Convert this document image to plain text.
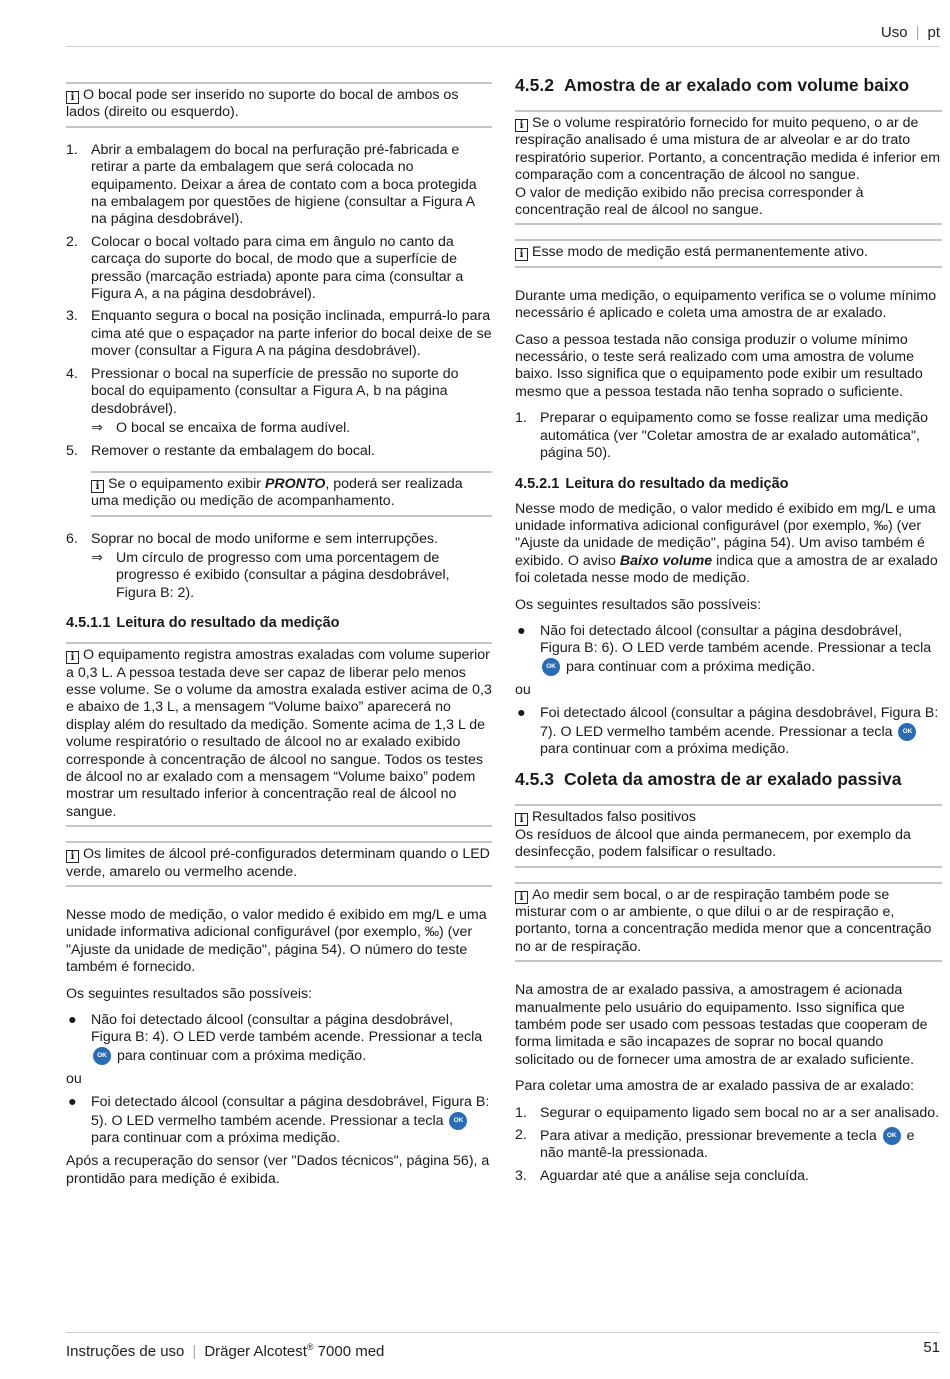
Uso | pt
i O bocal pode ser inserido no suporte do bocal de ambos os lados (direito ou esquerdo).
1. Abrir a embalagem do bocal na perfuração pré-fabricada e retirar a parte da embalagem que será colocada no equipamento. Deixar a área de contato com a boca protegida na embalagem por questões de higiene (consultar a Figura A na página desdobrável).
2. Colocar o bocal voltado para cima em ângulo no canto da carcaça do suporte do bocal, de modo que a superfície de pressão (marcação estriada) aponte para cima (consultar a Figura A, a na página desdobrável).
3. Enquanto segura o bocal na posição inclinada, empurrá-lo para cima até que o espaçador na parte inferior do bocal deixe de se mover (consultar a Figura A na página desdobrável).
4. Pressionar o bocal na superfície de pressão no suporte do bocal do equipamento (consultar a Figura A, b na página desdobrável).
⇒ O bocal se encaixa de forma audível.
5. Remover o restante da embalagem do bocal.
i Se o equipamento exibir PRONTO, poderá ser realizada uma medição ou medição de acompanhamento.
6. Soprar no bocal de modo uniforme e sem interrupções.
⇒ Um círculo de progresso com uma porcentagem de progresso é exibido (consultar a página desdobrável, Figura B: 2).
4.5.1.1 Leitura do resultado da medição
i O equipamento registra amostras exaladas com volume superior a 0,3 L. A pessoa testada deve ser capaz de liberar pelo menos esse volume. Se o volume da amostra exalada estiver acima de 0,3 e abaixo de 1,3 L, a mensagem “Volume baixo” aparecerá no display além do resultado da medição. Somente acima de 1,3 L de volume respiratório o resultado de álcool no ar exalado exibido corresponde à concentração de álcool no sangue. Todos os testes de álcool no ar exalado com a mensagem “Volume baixo” podem mostrar um resultado inferior à concentração real de álcool no sangue.
i Os limites de álcool pré-configurados determinam quando o LED verde, amarelo ou vermelho acende.

Nesse modo de medição, o valor medido é exibido em mg/L e uma unidade informativa adicional configurável (por exemplo, ‰) (ver "Ajuste da unidade de medição", página 54). O número do teste também é fornecido.

Os seguintes resultados são possíveis:

● Não foi detectado álcool (consultar a página desdobrável, Figura B: 4). O LED verde também acende. Pressionar a tecla OK para continuar com a próxima medição.
ou
● Foi detectado álcool (consultar a página desdobrável, Figura B: 5). O LED vermelho também acende. Pressionar a tecla OK para continuar com a próxima medição.

Após a recuperação do sensor (ver "Dados técnicos", página 56), a prontidão para medição é exibida.

4.5.2 Amostra de ar exalado com volume baixo
i Se o volume respiratório fornecido for muito pequeno, o ar de respiração analisado é uma mistura de ar alveolar e ar do trato respiratório superior. Portanto, a concentração medida é inferior em comparação com a concentração de álcool no sangue.
O valor de medição exibido não precisa corresponder à concentração real de álcool no sangue.
i Esse modo de medição está permanentemente ativo.

Durante uma medição, o equipamento verifica se o volume mínimo necessário é aplicado e coleta uma amostra de ar exalado.

Caso a pessoa testada não consiga produzir o volume mínimo necessário, o teste será realizado com uma amostra de volume baixo. Isso significa que o equipamento pode exibir um resultado mesmo que a pessoa testada não tenha soprado o suficiente.

1. Preparar o equipamento como se fosse realizar uma medição automática (ver "Coletar amostra de ar exalado automática", página 50).
4.5.2.1 Leitura do resultado da medição

Nesse modo de medição, o valor medido é exibido em mg/L e uma unidade informativa adicional configurável (por exemplo, ‰) (ver "Ajuste da unidade de medição", página 54). Um aviso também é exibido. O aviso Baixo volume indica que a amostra de ar exalado foi coletada nesse modo de medição.

Os seguintes resultados são possíveis:

● Não foi detectado álcool (consultar a página desdobrável, Figura B: 6). O LED verde também acende. Pressionar a tecla OK para continuar com a próxima medição.
ou
● Foi detectado álcool (consultar a página desdobrável, Figura B: 7). O LED vermelho também acende. Pressionar a tecla OK para continuar com a próxima medição.
4.5.3 Coleta da amostra de ar exalado passiva
i Resultados falso positivos
Os resíduos de álcool que ainda permanecem, por exemplo da desinfecção, podem falsificar o resultado.
i Ao medir sem bocal, o ar de respiração também pode se misturar com o ar ambiente, o que dilui o ar de respiração e, portanto, torna a concentração medida menor que a concentração no ar de respiração.

Na amostra de ar exalado passiva, a amostragem é acionada manualmente pelo usuário do equipamento. Isso significa que também pode ser usado com pessoas testadas que cooperam de forma limitada e são incapazes de soprar no bocal quando solicitado ou de fornecer uma amostra de ar exalado suficiente.

Para coletar uma amostra de ar exalado passiva de ar exalado:

1. Segurar o equipamento ligado sem bocal no ar a ser analisado.
2. Para ativar a medição, pressionar brevemente a tecla OK e não mantê-la pressionada.
3. Aguardar até que a análise seja concluída.
Instruções de uso | Dräger Alcotest® 7000 med	51
